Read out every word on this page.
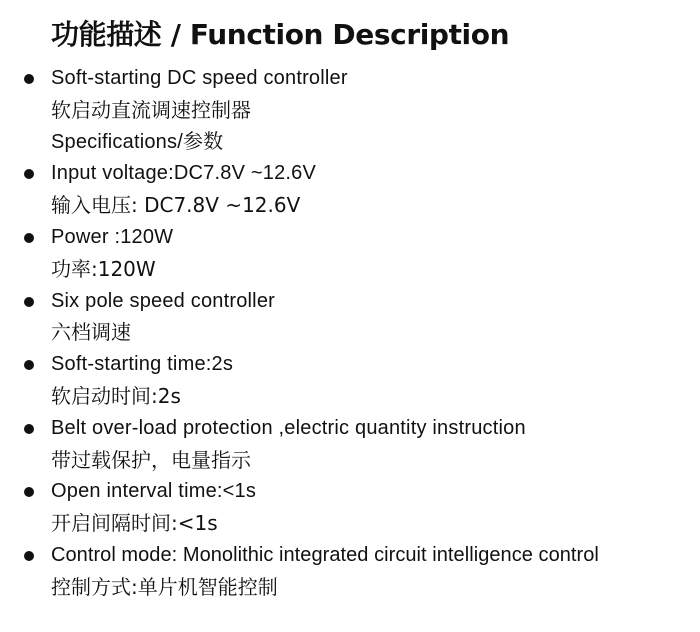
功能描述 / Function Description
Soft-starting DC speed controller
软启动直流调速控制器
Specifications/参数
Input voltage:DC7.8V ~12.6V
输入电压: DC7.8V ~12.6V
Power :120W
功率:120W
Six pole speed controller
六档调速
Soft-starting time:2s
软启动时间:2s
Belt over-load protection ,electric quantity instruction
带过载保护，电量指示
Open interval time:<1s
开启间隔时间:<1s
Control mode: Monolithic integrated circuit intelligence control
控制方式:单片机智能控制
